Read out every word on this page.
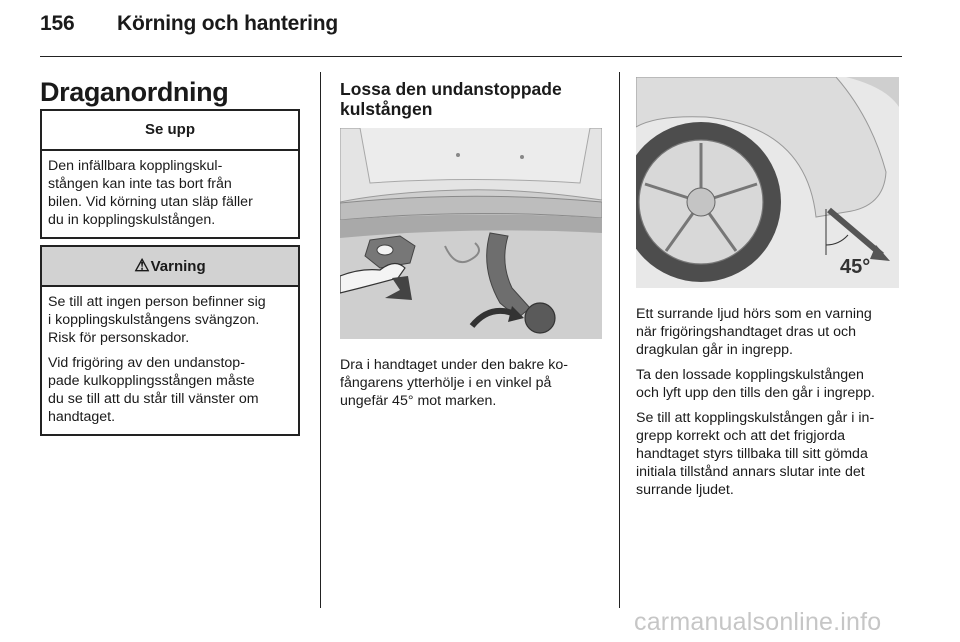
156 Körning och hantering
Draganordning
Se upp

Den infällbara kopplingskul-
stången kan inte tas bort från
bilen. Vid körning utan släp fäller
du in kopplingskulstången.

⚠Varning

Se till att ingen person befinner sig
i kopplingskulstångens svängzon.
Risk för personskador.

Vid frigöring av den undanstop-
pade kulkopplingsstången måste
du se till att du står till vänster om
handtaget.

Lossa den undanstoppade
kulstången
Dra i handtaget under den bakre ko-
fångarens ytterhölje i en vinkel på
ungefär 45° mot marken.
45°

Ett surrande ljud hörs som en varning
när frigöringshandtaget dras ut och
dragkulan går in ingrepp.

Ta den lossade kopplingskulstången
och lyft upp den tills den går i ingrepp.

Se till att kopplingskulstången går i in-
grepp korrekt och att det frigjorda
handtaget styrs tillbaka till sitt gömda
initiala tillstånd annars slutar inte det
surrande ljudet.

carmanualsonline.info
